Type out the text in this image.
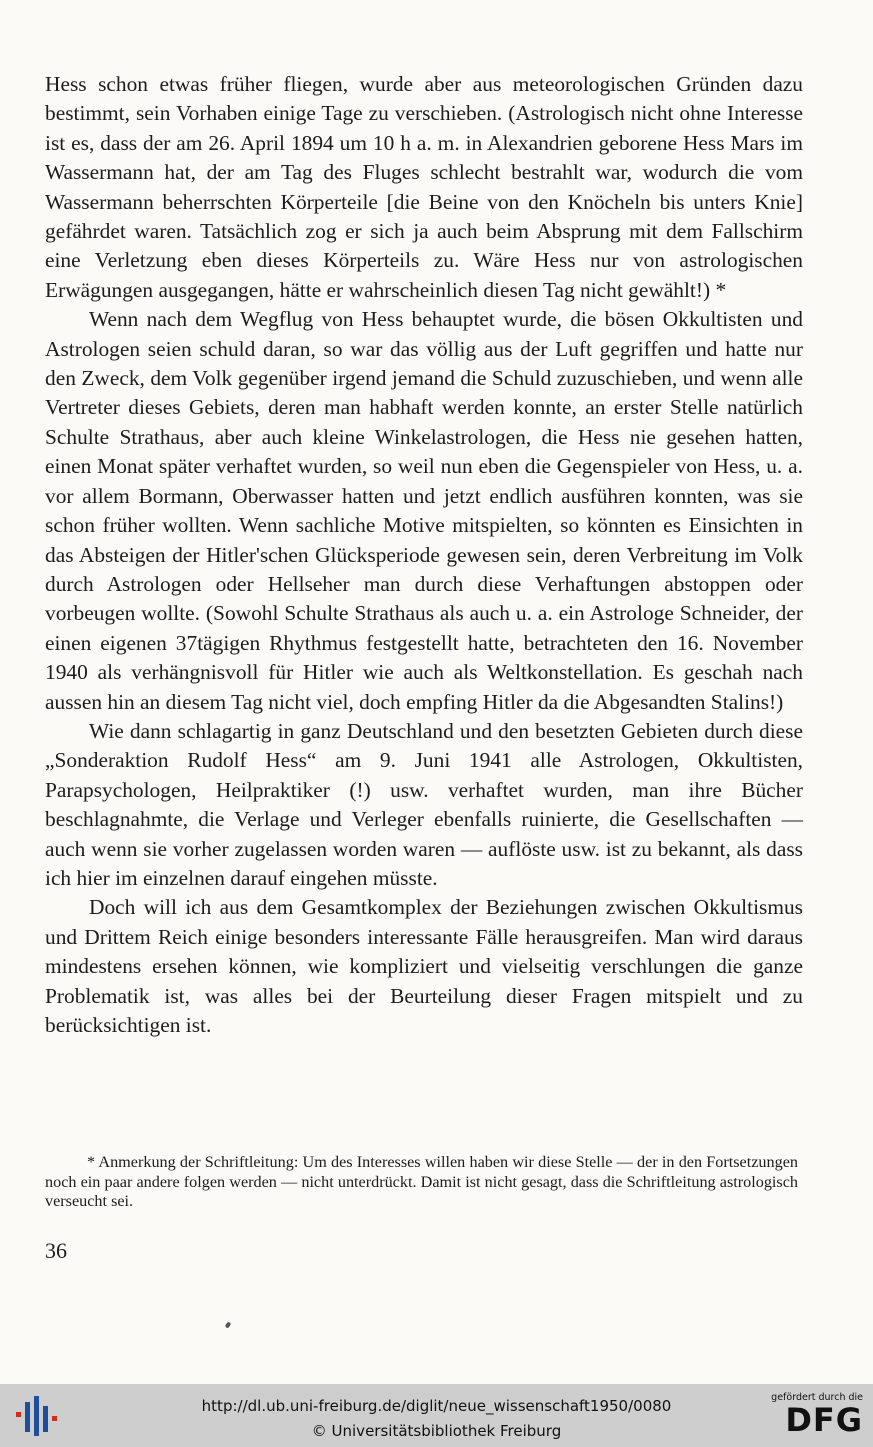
Hess schon etwas früher fliegen, wurde aber aus meteorologischen Gründen dazu bestimmt, sein Vorhaben einige Tage zu verschieben. (Astrologisch nicht ohne Interesse ist es, dass der am 26. April 1894 um 10 h a. m. in Alexandrien geborene Hess Mars im Wassermann hat, der am Tag des Fluges schlecht bestrahlt war, wodurch die vom Wassermann beherrschten Körperteile [die Beine von den Knöcheln bis unters Knie] gefährdet waren. Tatsächlich zog er sich ja auch beim Absprung mit dem Fallschirm eine Verletzung eben dieses Körperteils zu. Wäre Hess nur von astrologischen Erwägungen ausgegangen, hätte er wahrscheinlich diesen Tag nicht gewählt!) *

Wenn nach dem Wegflug von Hess behauptet wurde, die bösen Okkultisten und Astrologen seien schuld daran, so war das völlig aus der Luft gegriffen und hatte nur den Zweck, dem Volk gegenüber irgend jemand die Schuld zuzuschieben, und wenn alle Vertreter dieses Gebiets, deren man habhaft werden konnte, an erster Stelle natürlich Schulte Strathaus, aber auch kleine Winkelastrologen, die Hess nie gesehen hatten, einen Monat später verhaftet wurden, so weil nun eben die Gegenspieler von Hess, u. a. vor allem Bormann, Oberwasser hatten und jetzt endlich ausführen konnten, was sie schon früher wollten. Wenn sachliche Motive mitspielten, so könnten es Einsichten in das Absteigen der Hitler'schen Glücksperiode gewesen sein, deren Verbreitung im Volk durch Astrologen oder Hellseher man durch diese Verhaftungen abstoppen oder vorbeugen wollte. (Sowohl Schulte Strathaus als auch u. a. ein Astrologe Schneider, der einen eigenen 37tägigen Rhythmus festgestellt hatte, betrachteten den 16. November 1940 als verhängnisvoll für Hitler wie auch als Weltkonstellation. Es geschah nach aussen hin an diesem Tag nicht viel, doch empfing Hitler da die Abgesandten Stalins!)

Wie dann schlagartig in ganz Deutschland und den besetzten Gebieten durch diese „Sonderaktion Rudolf Hess“ am 9. Juni 1941 alle Astrologen, Okkultisten, Parapsychologen, Heilpraktiker (!) usw. verhaftet wurden, man ihre Bücher beschlagnahmte, die Verlage und Verleger ebenfalls ruinierte, die Gesellschaften — auch wenn sie vorher zugelassen worden waren — auflöste usw. ist zu bekannt, als dass ich hier im einzelnen darauf eingehen müsste.

Doch will ich aus dem Gesamtkomplex der Beziehungen zwischen Okkultismus und Drittem Reich einige besonders interessante Fälle herausgreifen. Man wird daraus mindestens ersehen können, wie kompliziert und vielseitig verschlungen die ganze Problematik ist, was alles bei der Beurteilung dieser Fragen mitspielt und zu berücksichtigen ist.

* Anmerkung der Schriftleitung: Um des Interesses willen haben wir diese Stelle — der in den Fortsetzungen noch ein paar andere folgen werden — nicht unterdrückt. Damit ist nicht gesagt, dass die Schriftleitung astrologisch verseucht sei.

36
http://dl.ub.uni-freiburg.de/diglit/neue_wissenschaft1950/0080
© Universitätsbibliothek Freiburg
gefördert durch die
DFG
